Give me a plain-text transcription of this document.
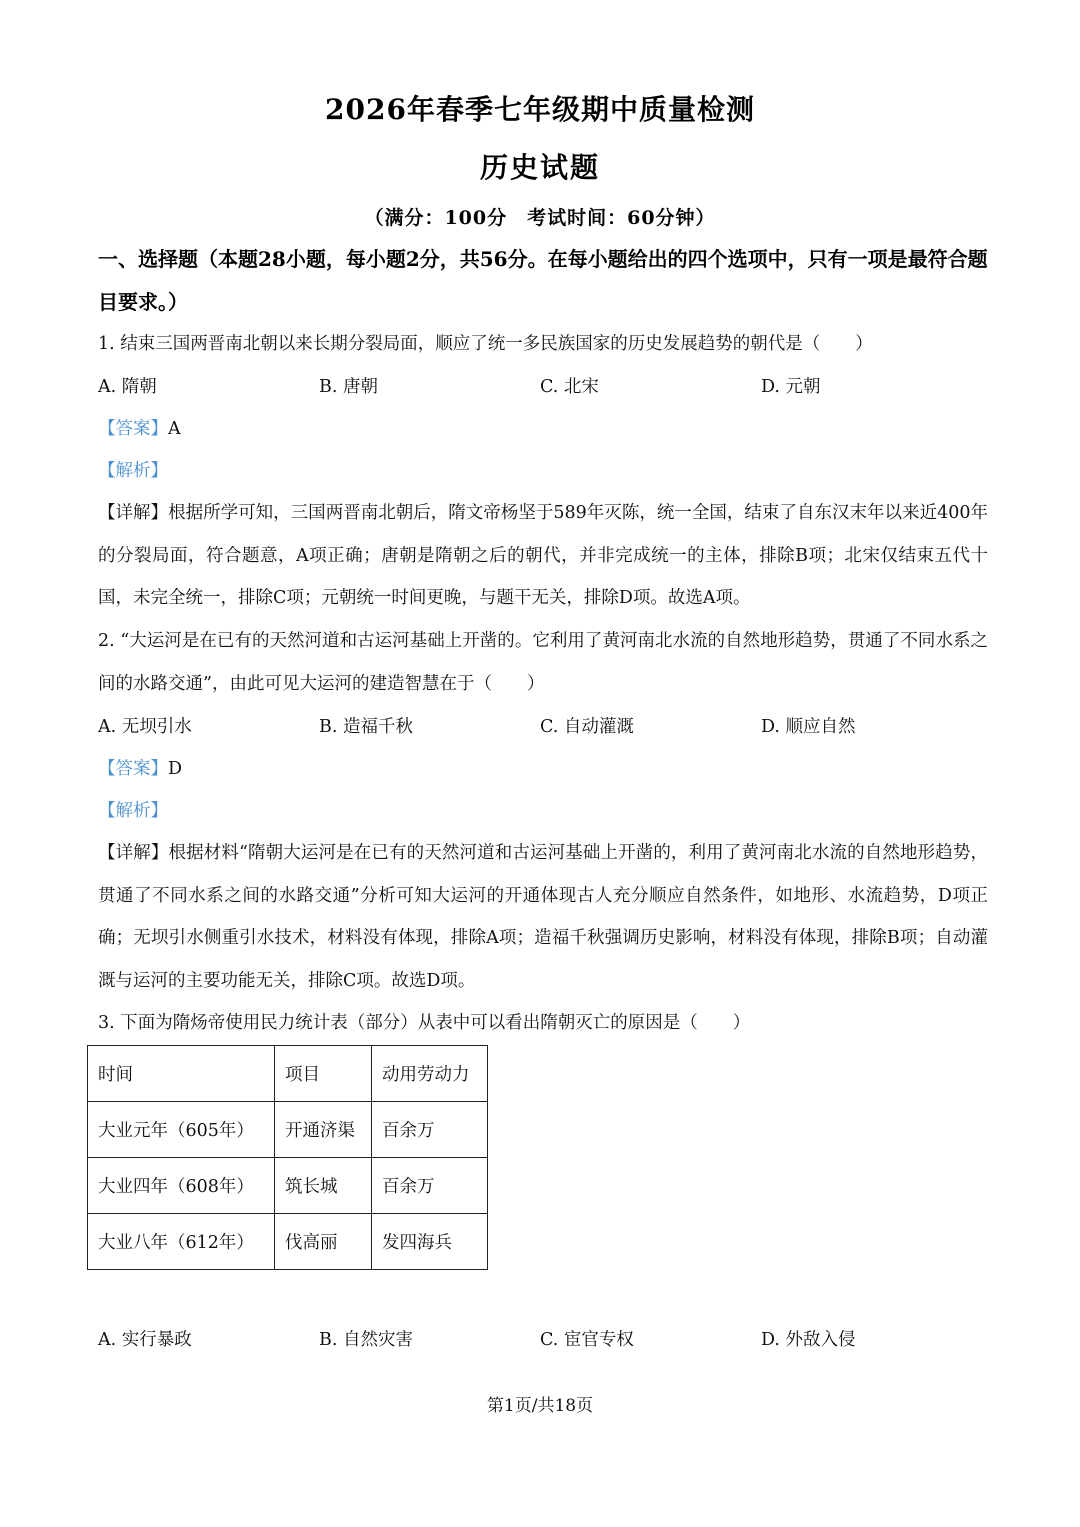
2026年春季七年级期中质量检测
历史试题
（满分：100分　考试时间：60分钟）
一、选择题（本题28小题，每小题2分，共56分。在每小题给出的四个选项中，只有一项是最符合题目要求。）
1. 结束三国两晋南北朝以来长期分裂局面，顺应了统一多民族国家的历史发展趋势的朝代是（　　）
A. 隋朝	B. 唐朝	C. 北宋	D. 元朝
【答案】A
【解析】
【详解】根据所学可知，三国两晋南北朝后，隋文帝杨坚于589年灭陈，统一全国，结束了自东汉末年以来近400年的分裂局面，符合题意，A项正确；唐朝是隋朝之后的朝代，并非完成统一的主体，排除B项；北宋仅结束五代十国，未完全统一，排除C项；元朝统一时间更晚，与题干无关，排除D项。故选A项。
2. “大运河是在已有的天然河道和古运河基础上开凿的。它利用了黄河南北水流的自然地形趋势，贯通了不同水系之间的水路交通”，由此可见大运河的建造智慧在于（　　）
A. 无坝引水	B. 造福千秋	C. 自动灌溉	D. 顺应自然
【答案】D
【解析】
【详解】根据材料“隋朝大运河是在已有的天然河道和古运河基础上开凿的，利用了黄河南北水流的自然地形趋势，贯通了不同水系之间的水路交通”分析可知大运河的开通体现古人充分顺应自然条件，如地形、水流趋势，D项正确；无坝引水侧重引水技术，材料没有体现，排除A项；造福千秋强调历史影响，材料没有体现，排除B项；自动灌溉与运河的主要功能无关，排除C项。故选D项。
3. 下面为隋炀帝使用民力统计表（部分）从表中可以看出隋朝灭亡的原因是（　　）
时间	项目	动用劳动力
大业元年（605年）	开通济渠	百余万
大业四年（608年）	筑长城	百余万
大业八年（612年）	伐高丽	发四海兵
A. 实行暴政	B. 自然灾害	C. 宦官专权	D. 外敌入侵
第1页/共18页
